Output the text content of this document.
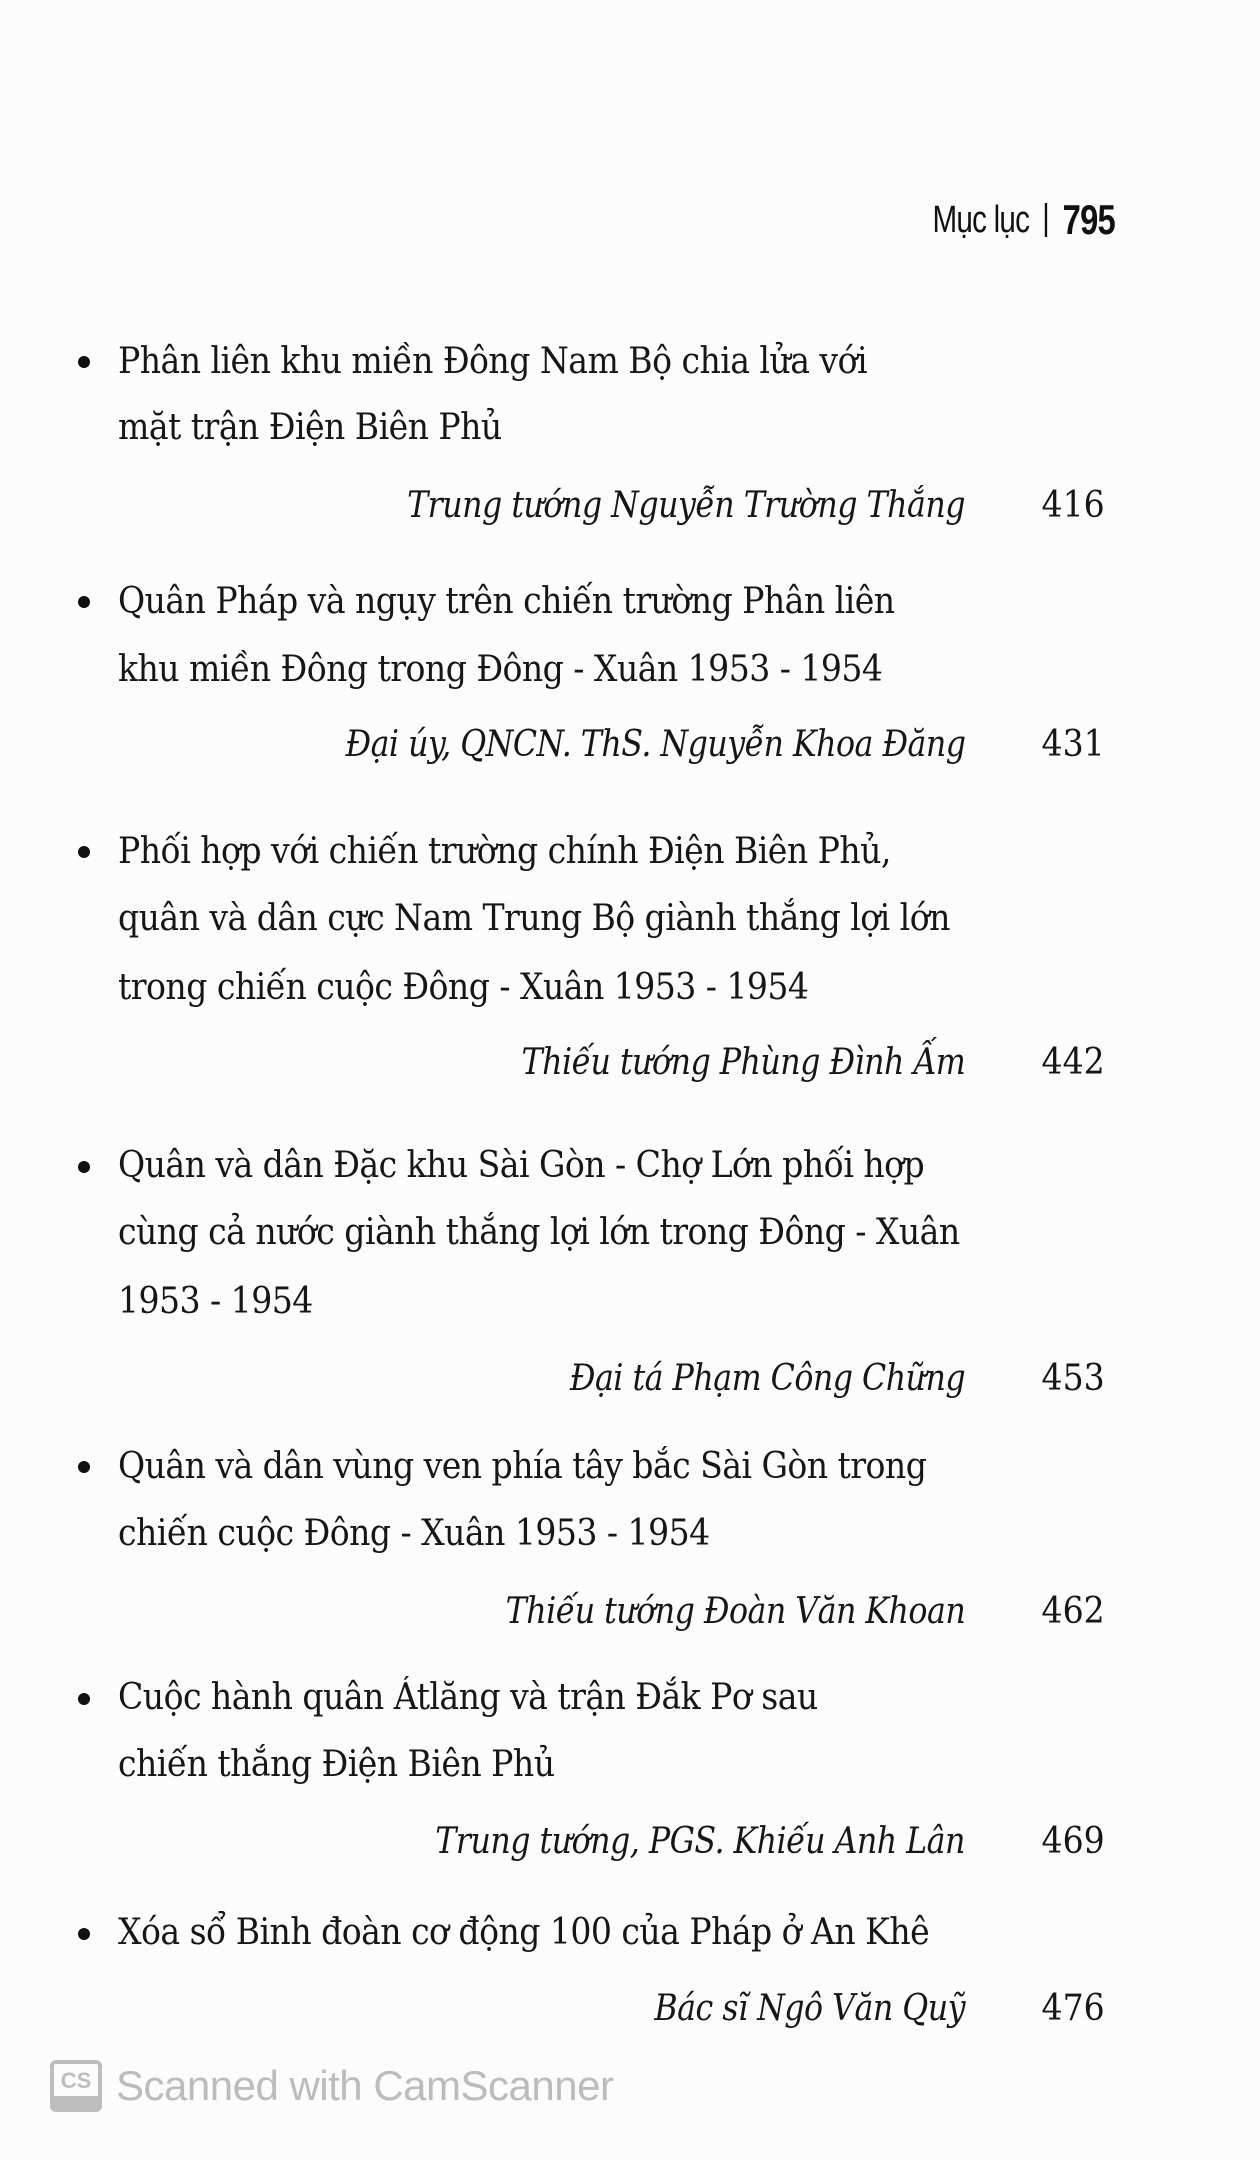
Mục lục 795
Phân liên khu miền Đông Nam Bộ chia lửa với
mặt trận Điện Biên Phủ
Trung tướng Nguyễn Trường Thắng 416
Quân Pháp và ngụy trên chiến trường Phân liên
khu miền Đông trong Đông - Xuân 1953 - 1954
Đại úy, QNCN. ThS. Nguyễn Khoa Đăng 431
Phối hợp với chiến trường chính Điện Biên Phủ,
quân và dân cực Nam Trung Bộ giành thắng lợi lớn
trong chiến cuộc Đông - Xuân 1953 - 1954
Thiếu tướng Phùng Đình Ấm 442
Quân và dân Đặc khu Sài Gòn - Chợ Lớn phối hợp
cùng cả nước giành thắng lợi lớn trong Đông - Xuân
1953 - 1954
Đại tá Phạm Công Chững 453
Quân và dân vùng ven phía tây bắc Sài Gòn trong
chiến cuộc Đông - Xuân 1953 - 1954
Thiếu tướng Đoàn Văn Khoan 462
Cuộc hành quân Átlăng và trận Đắk Pơ sau
chiến thắng Điện Biên Phủ
Trung tướng, PGS. Khiếu Anh Lân 469
Xóa sổ Binh đoàn cơ động 100 của Pháp ở An Khê
Bác sĩ Ngô Văn Quỹ 476
CS Scanned with CamScanner
